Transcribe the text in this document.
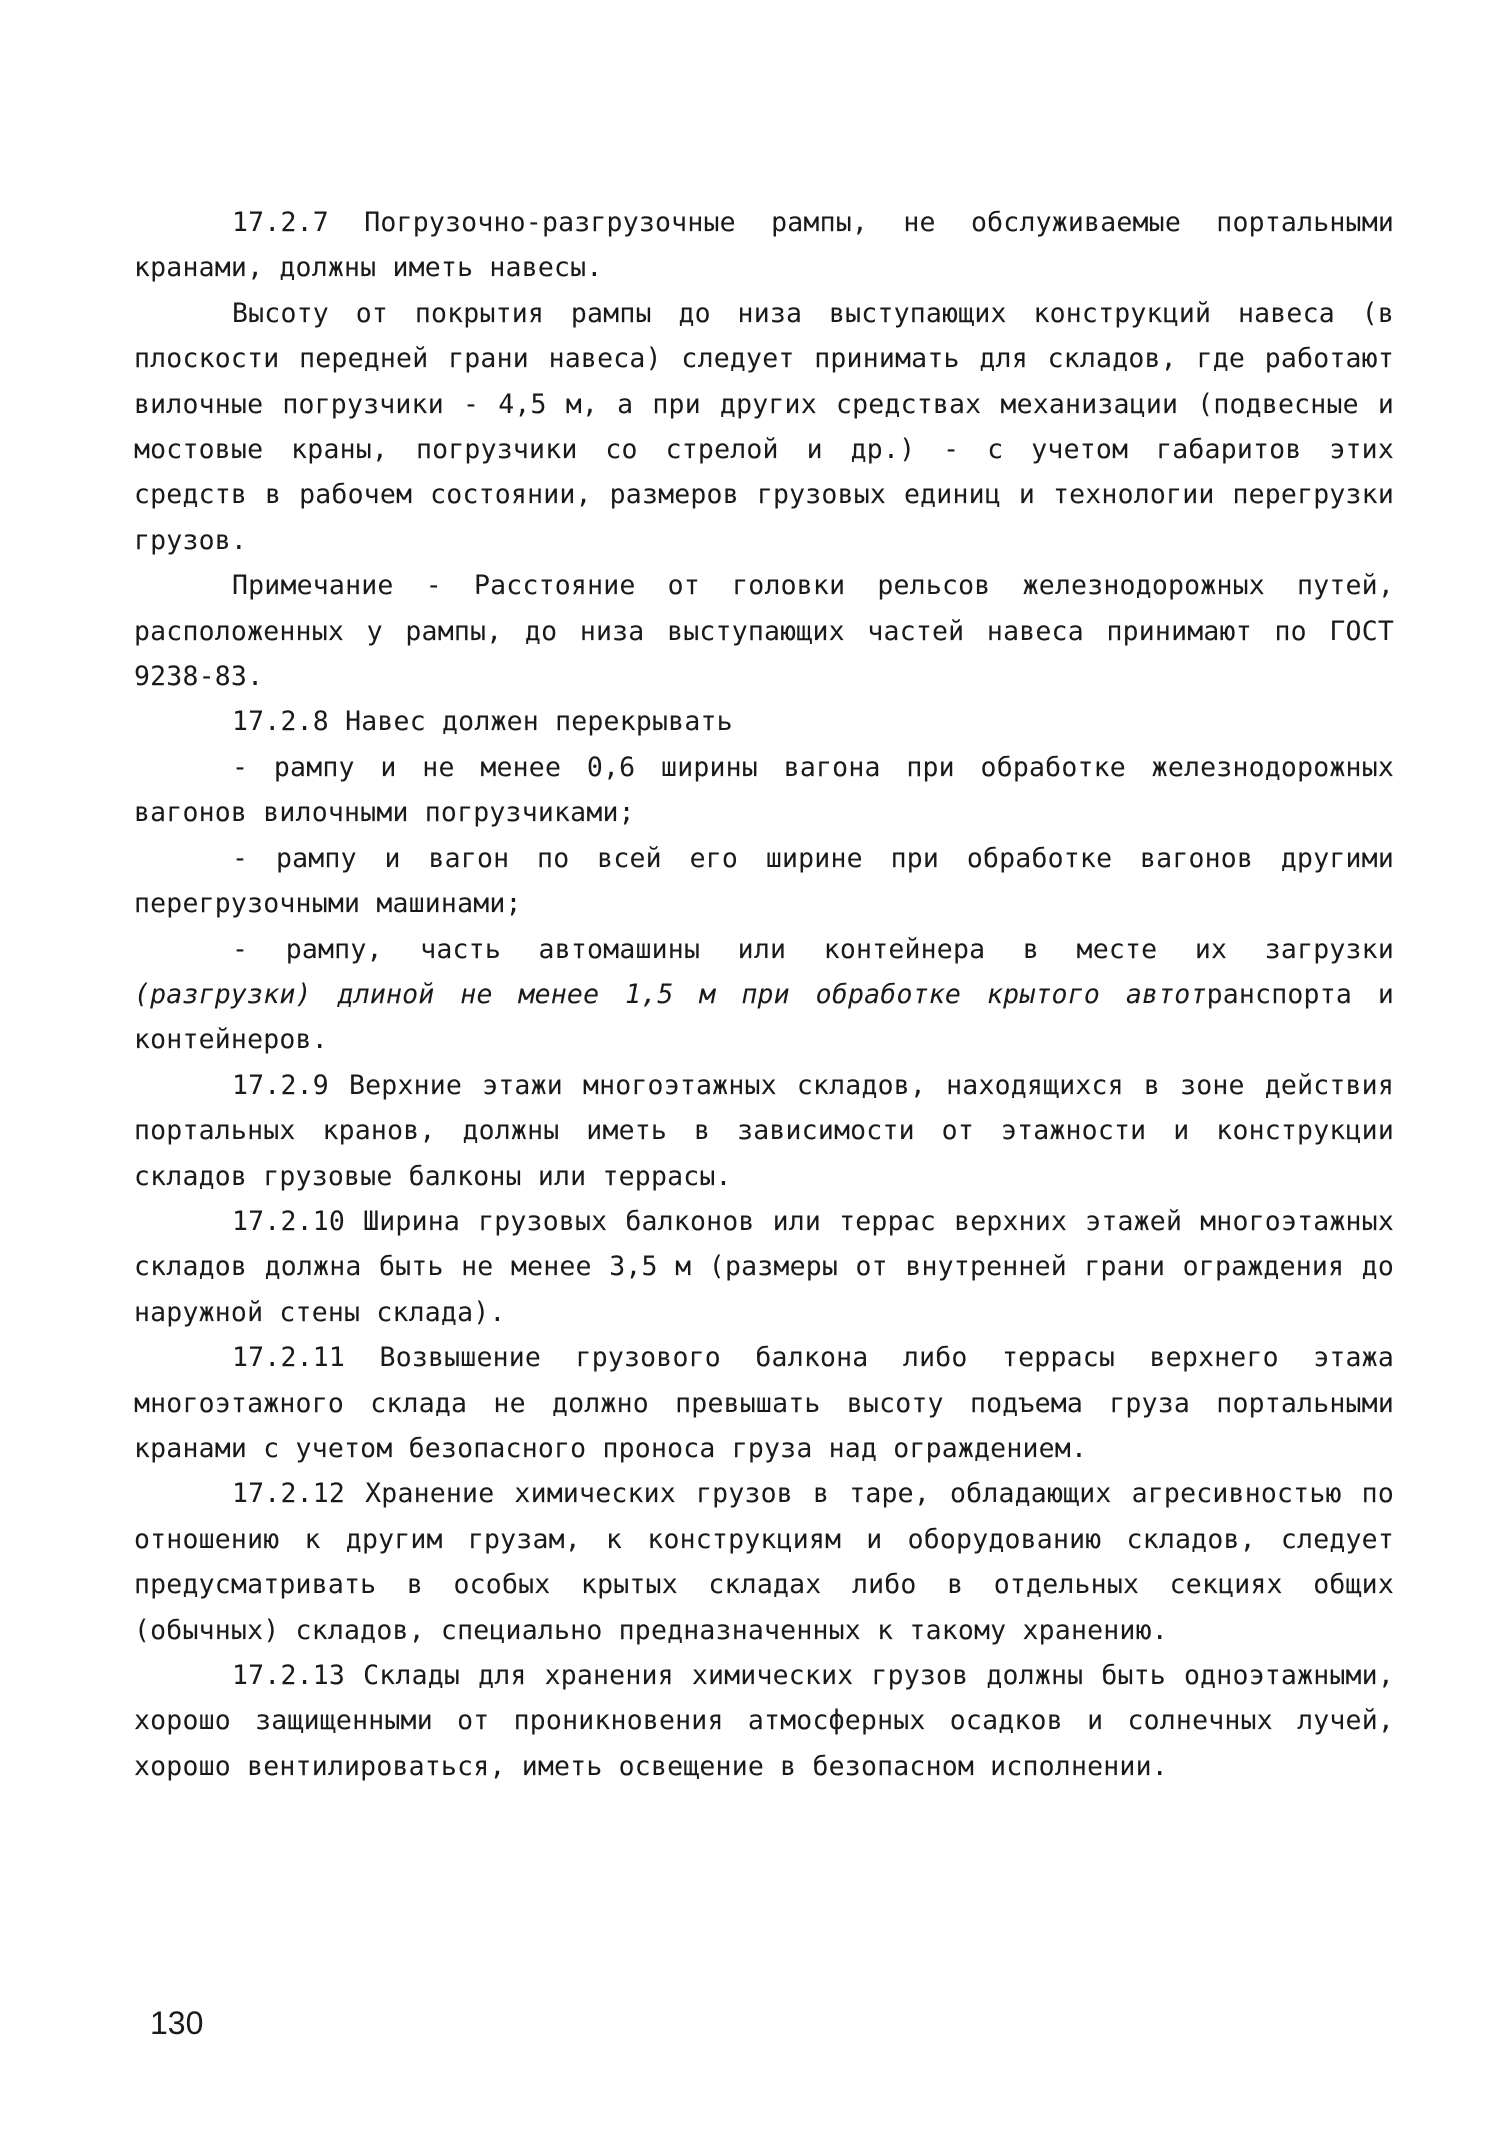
17.2.7 Погрузочно-разгрузочные рампы, не обслуживаемые портальными кранами, должны иметь навесы.

Высоту от покрытия рампы до низа выступающих конструкций навеса (в плоскости передней грани навеса) следует принимать для складов, где работают вилочные погрузчики - 4,5 м, а при других средствах механизации (подвесные и мостовые краны, погрузчики со стрелой и др.) - с учетом габаритов этих средств в рабочем состоянии, размеров грузовых единиц и технологии перегрузки грузов.

Примечание - Расстояние от головки рельсов железнодорожных путей, расположенных у рампы, до низа выступающих частей навеса принимают по ГОСТ 9238-83.

17.2.8 Навес должен перекрывать

- рампу и не менее 0,6 ширины вагона при обработке железнодорожных вагонов вилочными погрузчиками;

- рампу и вагон по всей его ширине при обработке вагонов другими перегрузочными машинами;

- рампу, часть автомашины или контейнера в месте их загрузки (разгрузки) длиной не менее 1,5 м при обработке крытого автотранспорта и контейнеров.

17.2.9 Верхние этажи многоэтажных складов, находящихся в зоне действия портальных кранов, должны иметь в зависимости от этажности и конструкции складов грузовые балконы или террасы.

17.2.10 Ширина грузовых балконов или террас верхних этажей многоэтажных складов должна быть не менее 3,5 м (размеры от внутренней грани ограждения до наружной стены склада).

17.2.11 Возвышение грузового балкона либо террасы верхнего этажа многоэтажного склада не должно превышать высоту подъема груза портальными кранами с учетом безопасного проноса груза над ограждением.

17.2.12 Хранение химических грузов в таре, обладающих агресивностью по отношению к другим грузам, к конструкциям и оборудованию складов, следует предусматривать в особых крытых складах либо в отдельных секциях общих (обычных) складов, специально предназначенных к такому хранению.

17.2.13 Склады для хранения химических грузов должны быть одноэтажными, хорошо защищенными от проникновения атмосферных осадков и солнечных лучей, хорошо вентилироваться, иметь освещение в безопасном исполнении.

130
